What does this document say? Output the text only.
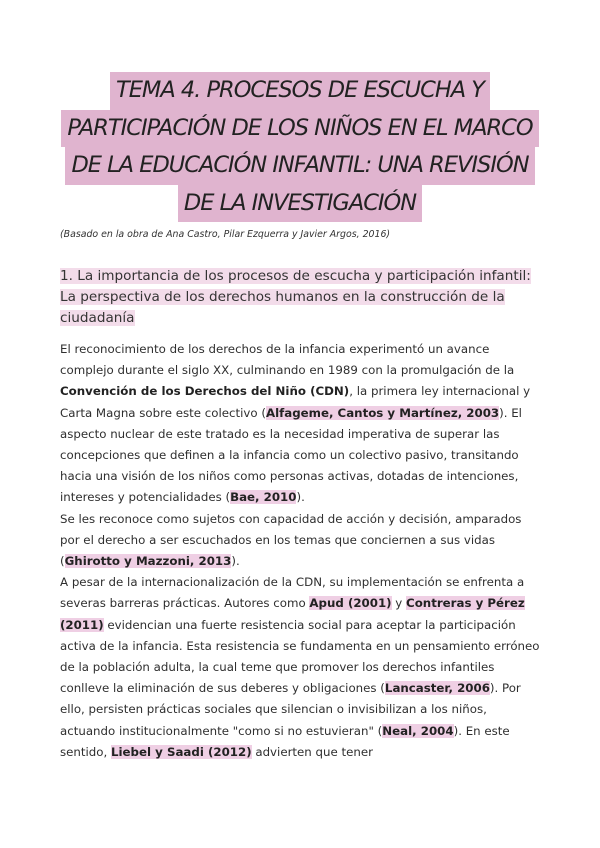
TEMA 4. PROCESOS DE ESCUCHA Y
PARTICIPACIÓN DE LOS NIÑOS EN EL MARCO
DE LA EDUCACIÓN INFANTIL: UNA REVISIÓN
DE LA INVESTIGACIÓN
(Basado en la obra de Ana Castro, Pilar Ezquerra y Javier Argos, 2016)
1. La importancia de los procesos de escucha y participación infantil: La perspectiva de los derechos humanos en la construcción de la ciudadanía

El reconocimiento de los derechos de la infancia experimentó un avance complejo durante el siglo XX, culminando en 1989 con la promulgación de la Convención de los Derechos del Niño (CDN), la primera ley internacional y Carta Magna sobre este colectivo (Alfageme, Cantos y Martínez, 2003). El aspecto nuclear de este tratado es la necesidad imperativa de superar las concepciones que definen a la infancia como un colectivo pasivo, transitando hacia una visión de los niños como personas activas, dotadas de intenciones, intereses y potencialidades (Bae, 2010).

Se les reconoce como sujetos con capacidad de acción y decisión, amparados por el derecho a ser escuchados en los temas que conciernen a sus vidas (Ghirotto y Mazzoni, 2013).

A pesar de la internacionalización de la CDN, su implementación se enfrenta a severas barreras prácticas. Autores como Apud (2001) y Contreras y Pérez (2011) evidencian una fuerte resistencia social para aceptar la participación activa de la infancia. Esta resistencia se fundamenta en un pensamiento erróneo de la población adulta, la cual teme que promover los derechos infantiles conlleve la eliminación de sus deberes y obligaciones (Lancaster, 2006). Por ello, persisten prácticas sociales que silencian o invisibilizan a los niños, actuando institucionalmente "como si no estuvieran" (Neal, 2004). En este sentido, Liebel y Saadi (2012) advierten que tener
